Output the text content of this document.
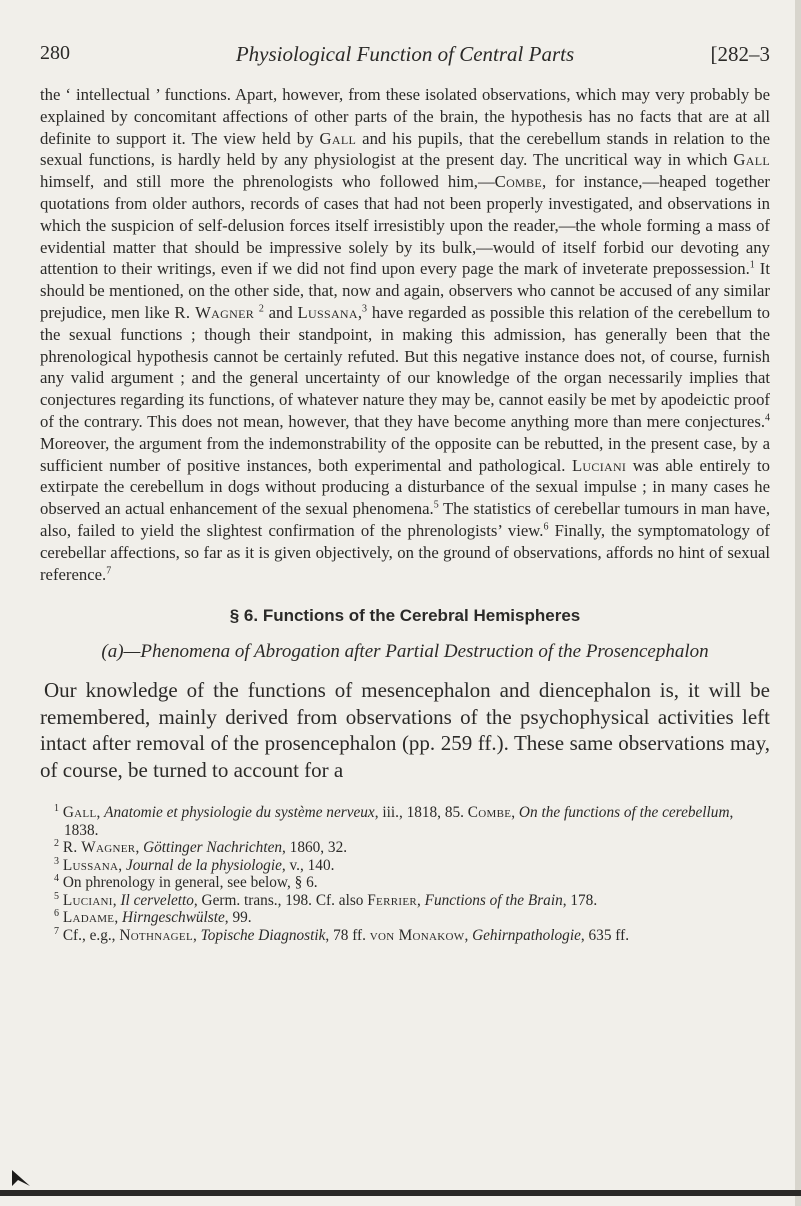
280	Physiological Function of Central Parts	[282–3

the ‘ intellectual ’ functions. Apart, however, from these isolated observations, which may very probably be explained by concomitant affections of other parts of the brain, the hypothesis has no facts that are at all definite to support it. The view held by Gall and his pupils, that the cerebellum stands in relation to the sexual functions, is hardly held by any physiologist at the present day. The uncritical way in which Gall himself, and still more the phrenologists who followed him,—Combe, for instance,—heaped together quotations from older authors, records of cases that had not been properly investigated, and observations in which the suspicion of self-delusion forces itself irresistibly upon the reader,—the whole forming a mass of evidential matter that should be impressive solely by its bulk,—would of itself forbid our devoting any attention to their writings, even if we did not find upon every page the mark of inveterate prepossession.$^1$ It should be mentioned, on the other side, that, now and again, observers who cannot be accused of any similar prejudice, men like R. Wagner $^2$ and Lussana,$^3$ have regarded as possible this relation of the cerebellum to the sexual functions ; though their standpoint, in making this admission, has generally been that the phrenological hypothesis cannot be certainly refuted. But this negative instance does not, of course, furnish any valid argument ; and the general uncertainty of our knowledge of the organ necessarily implies that conjectures regarding its functions, of whatever nature they may be, cannot easily be met by apodeictic proof of the contrary. This does not mean, however, that they have become anything more than mere conjectures.$^4$ Moreover, the argument from the indemonstrability of the opposite can be rebutted, in the present case, by a sufficient number of positive instances, both experimental and pathological. Luciani was able entirely to extirpate the cerebellum in dogs without producing a disturbance of the sexual impulse ; in many cases he observed an actual enhancement of the sexual phenomena.$^5$ The statistics of cerebellar tumours in man have, also, failed to yield the slightest confirmation of the phrenologists’ view.$^6$ Finally, the symptomatology of cerebellar affections, so far as it is given objectively, on the ground of observations, affords no hint of sexual reference.$^7$

§ 6. Functions of the Cerebral Hemispheres
(a)—Phenomena of Abrogation after Partial Destruction of the Prosencephalon

Our knowledge of the functions of mesencephalon and diencephalon is, it will be remembered, mainly derived from observations of the psychophysical activities left intact after removal of the prosencephalon (pp. 259 ff.). These same observations may, of course, be turned to account for a

$^1$ Gall, Anatomie et physiologie du système nerveux, iii., 1818, 85. Combe, On the functions of the cerebellum, 1838.
$^2$ R. Wagner, Göttinger Nachrichten, 1860, 32.
$^3$ Lussana, Journal de la physiologie, v., 140.
$^4$ On phrenology in general, see below, § 6.
$^5$ Luciani, Il cerveletto, Germ. trans., 198. Cf. also Ferrier, Functions of the Brain, 178.
$^6$ Ladame, Hirngeschwülste, 99.
$^7$ Cf., e.g., Nothnagel, Topische Diagnostik, 78 ff. von Monakow, Gehirnpathologie, 635 ff.
